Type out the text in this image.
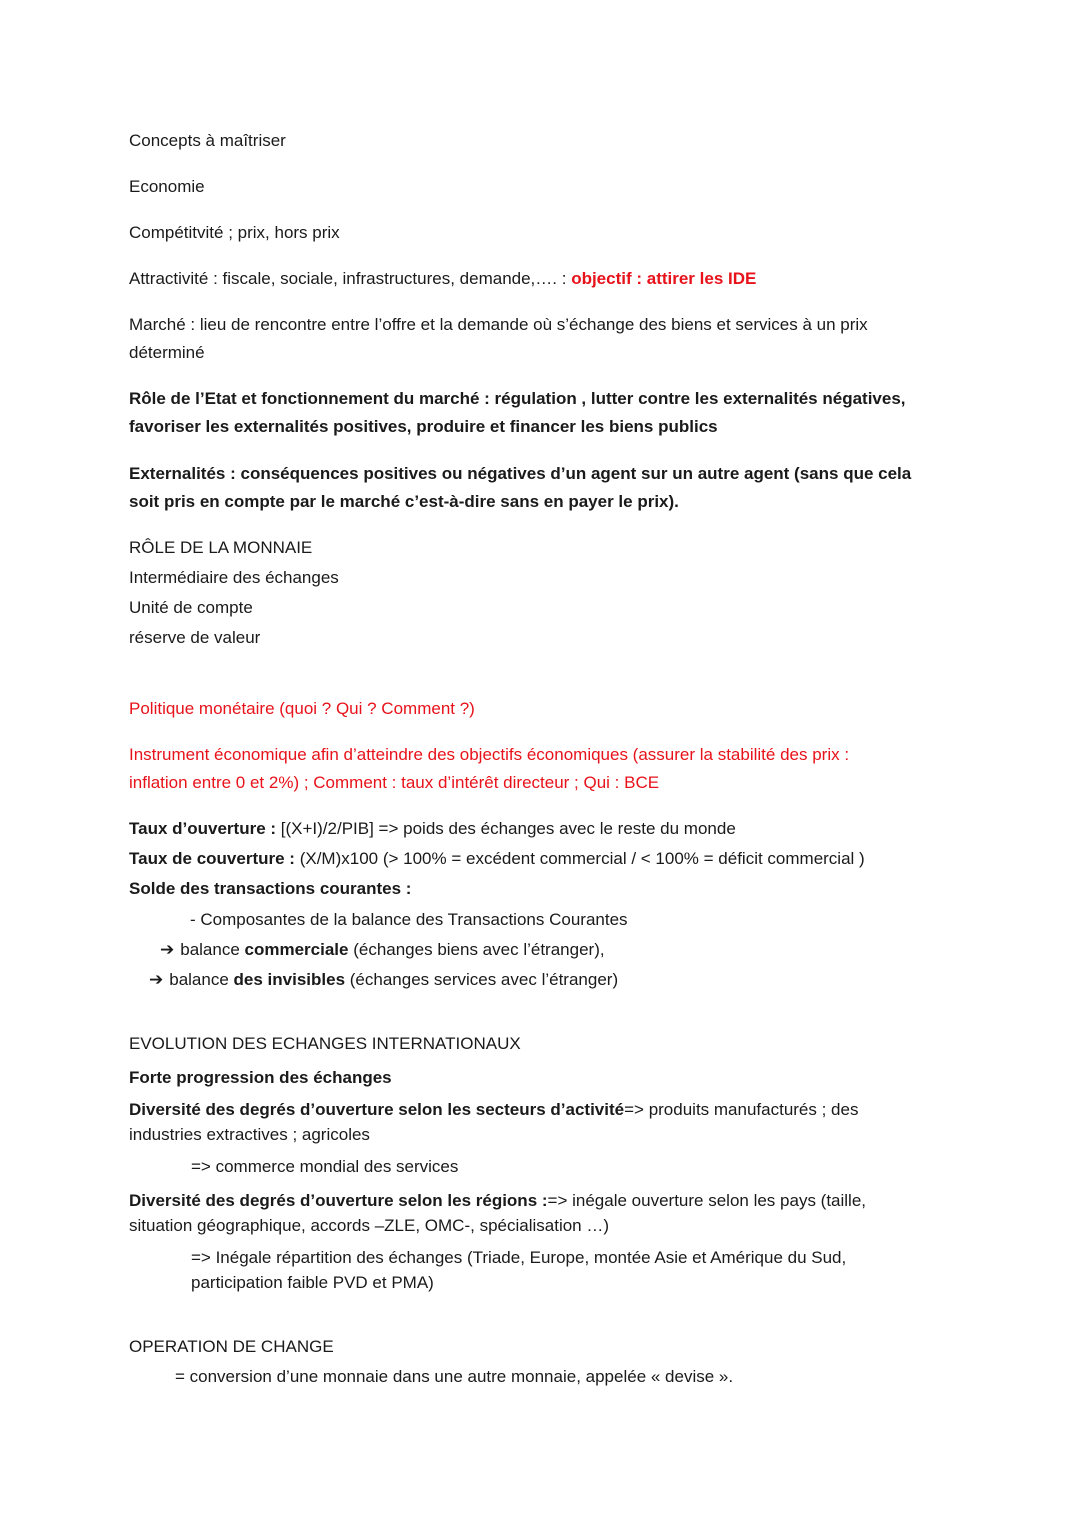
Concepts à maîtriser
Economie
Compétitvité ; prix, hors prix
Attractivité : fiscale, sociale, infrastructures, demande,…. : objectif : attirer les IDE
Marché : lieu de rencontre entre l’offre et la demande où s’échange des biens et services à un prix
déterminé
Rôle de l’Etat et fonctionnement du marché : régulation , lutter contre les externalités négatives,
favoriser les externalités positives, produire et financer les biens publics
Externalités : conséquences positives ou négatives d’un agent sur un autre agent (sans que cela
soit pris en compte par le marché c’est-à-dire sans en payer le prix).
RÔLE DE LA MONNAIE
Intermédiaire des échanges
Unité de compte
réserve de valeur
Politique monétaire (quoi ? Qui ? Comment ?)
Instrument économique afin d’atteindre des objectifs économiques (assurer la stabilité des prix :
inflation entre 0 et 2%) ; Comment : taux d’intérêt directeur ; Qui : BCE
Taux d’ouverture : [(X+I)/2/PIB] => poids des échanges avec le reste du monde
Taux de couverture : (X/M)x100 (> 100% = excédent commercial / < 100% = déficit commercial )
Solde des transactions courantes :
- Composantes de la balance des Transactions Courantes
➔ balance commerciale (échanges biens avec l’étranger),
➔ balance des invisibles (échanges services avec l’étranger)
EVOLUTION DES ECHANGES INTERNATIONAUX
Forte progression des échanges
Diversité des degrés d’ouverture selon les secteurs d’activité=> produits manufacturés ; des
industries extractives ; agricoles
=> commerce mondial des services
Diversité des degrés d’ouverture selon les régions :=> inégale ouverture selon les pays (taille,
situation géographique, accords –ZLE, OMC-, spécialisation …)
=> Inégale répartition des échanges (Triade, Europe, montée Asie et Amérique du Sud,
participation faible PVD et PMA)
OPERATION DE CHANGE
= conversion d’une monnaie dans une autre monnaie, appelée « devise ».
